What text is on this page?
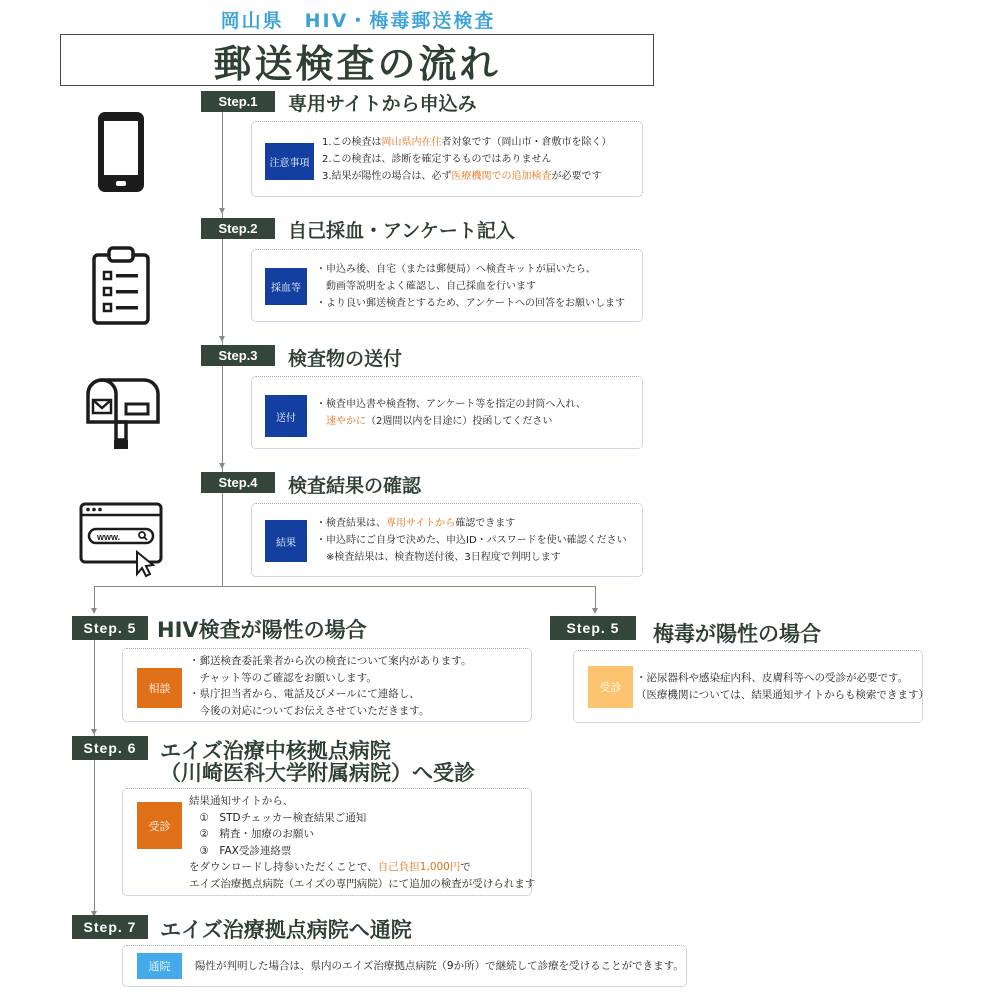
岡山県　HIV・梅毒郵送検査
郵送検査の流れ
Step.1	専用サイトから申込み
注意事項
1.この検査は岡山県内在住者対象です（岡山市・倉敷市を除く）
2.この検査は、診断を確定するものではありません
3.結果が陽性の場合は、必ず医療機関での追加検査が必要です
Step.2	自己採血・アンケート記入
採血等
・申込み後、自宅（または郵便局）へ検査キットが届いたら、
　動画等説明をよく確認し、自己採血を行います
・より良い郵送検査とするため、アンケートへの回答をお願いします
Step.3	検査物の送付
送付
・検査申込書や検査物、アンケート等を指定の封筒へ入れ、
　速やかに（2週間以内を目途に）投函してください
www.
Step.4	検査結果の確認
結果
・検査結果は、専用サイトから確認できます
・申込時にご自身で決めた、申込ID・パスワードを使い確認ください
　※検査結果は、検査物送付後、3日程度で判明します
Step. 5 HIV検査が陽性の場合
相談
・郵送検査委託業者から次の検査について案内があります。
　チャット等のご確認をお願いします。
・県庁担当者から、電話及びメールにて連絡し、
　今後の対応についてお伝えさせていただきます。
Step. 5	梅毒が陽性の場合
受診
・泌尿器科や感染症内科、皮膚科等への受診が必要です。
（医療機関については、結果通知サイトからも検索できます）
Step. 6	エイズ治療中核拠点病院
（川崎医科大学附属病院）へ受診
受診
結果通知サイトから、
　①　STDチェッカー検査結果ご通知
　②　精査・加療のお願い
　③　FAX受診連絡票
をダウンロードし持参いただくことで、自己負担1,000円で
エイズ治療拠点病院（エイズの専門病院）にて追加の検査が受けられます
Step. 7	エイズ治療拠点病院へ通院
通院	陽性が判明した場合は、県内のエイズ治療拠点病院（9か所）で継続して診療を受けることができます。
